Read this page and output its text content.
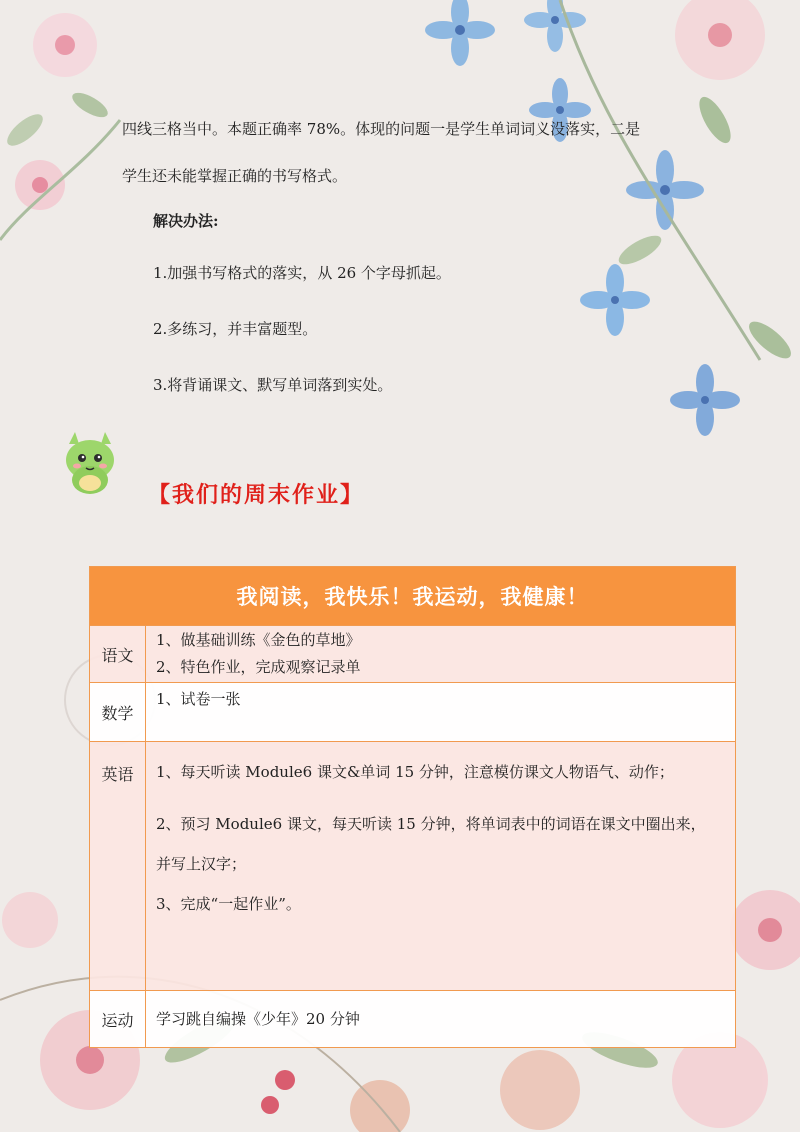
四线三格当中。本题正确率 78%。体现的问题一是学生单词词义没落实，二是
学生还未能掌握正确的书写格式。
解决办法:
1.加强书写格式的落实，从 26 个字母抓起。
2.多练习，并丰富题型。
3.将背诵课文、默写单词落到实处。
【我们的周末作业】
我阅读，我快乐！我运动，我健康！	
语文	1、做基础训练《金色的草地》
2、特色作业，完成观察记录单

数学	1、试卷一张

英语	1、每天听读 Module6 课文&单词 15 分钟，注意模仿课文人物语气、动作；
2、预习 Module6 课文，每天听读 15 分钟，将单词表中的词语在课文中圈出来，
并写上汉字；
3、完成“一起作业”。

运动	学习跳自编操《少年》20 分钟
